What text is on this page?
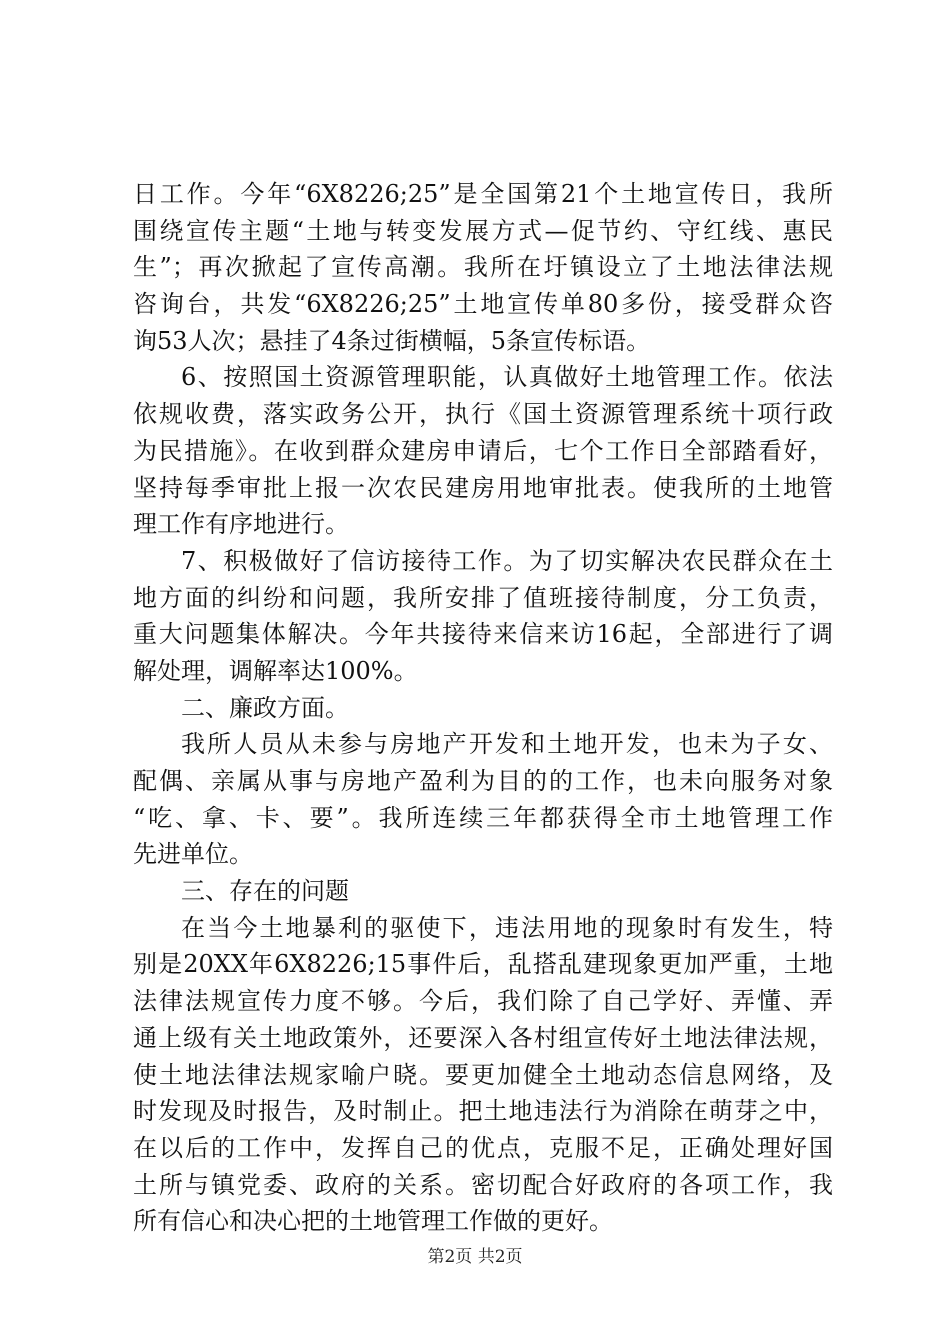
日工作。今年“6X8226;25”是全国第21个土地宣传日，我所
围绕宣传主题“土地与转变发展方式—促节约、守红线、惠民
生”；再次掀起了宣传高潮。我所在圩镇设立了土地法律法规
咨询台，共发“6X8226;25”土地宣传单80多份，接受群众咨
询53人次；悬挂了4条过街横幅，5条宣传标语。
6、按照国土资源管理职能，认真做好土地管理工作。依法
依规收费，落实政务公开，执行《国土资源管理系统十项行政
为民措施》。在收到群众建房申请后，七个工作日全部踏看好，
坚持每季审批上报一次农民建房用地审批表。使我所的土地管
理工作有序地进行。
7、积极做好了信访接待工作。为了切实解决农民群众在土
地方面的纠纷和问题，我所安排了值班接待制度，分工负责，
重大问题集体解决。今年共接待来信来访16起，全部进行了调
解处理，调解率达100%。
二、廉政方面。
我所人员从未参与房地产开发和土地开发，也未为子女、
配偶、亲属从事与房地产盈利为目的的工作，也未向服务对象
“吃、拿、卡、要”。我所连续三年都获得全市土地管理工作
先进单位。
三、存在的问题
在当今土地暴利的驱使下，违法用地的现象时有发生，特
别是20XX年6X8226;15事件后，乱搭乱建现象更加严重，土地
法律法规宣传力度不够。今后，我们除了自己学好、弄懂、弄
通上级有关土地政策外，还要深入各村组宣传好土地法律法规，
使土地法律法规家喻户晓。要更加健全土地动态信息网络，及
时发现及时报告，及时制止。把土地违法行为消除在萌芽之中，
在以后的工作中，发挥自己的优点，克服不足，正确处理好国
土所与镇党委、政府的关系。密切配合好政府的各项工作，我
所有信心和决心把的土地管理工作做的更好。
第2页 共2页
